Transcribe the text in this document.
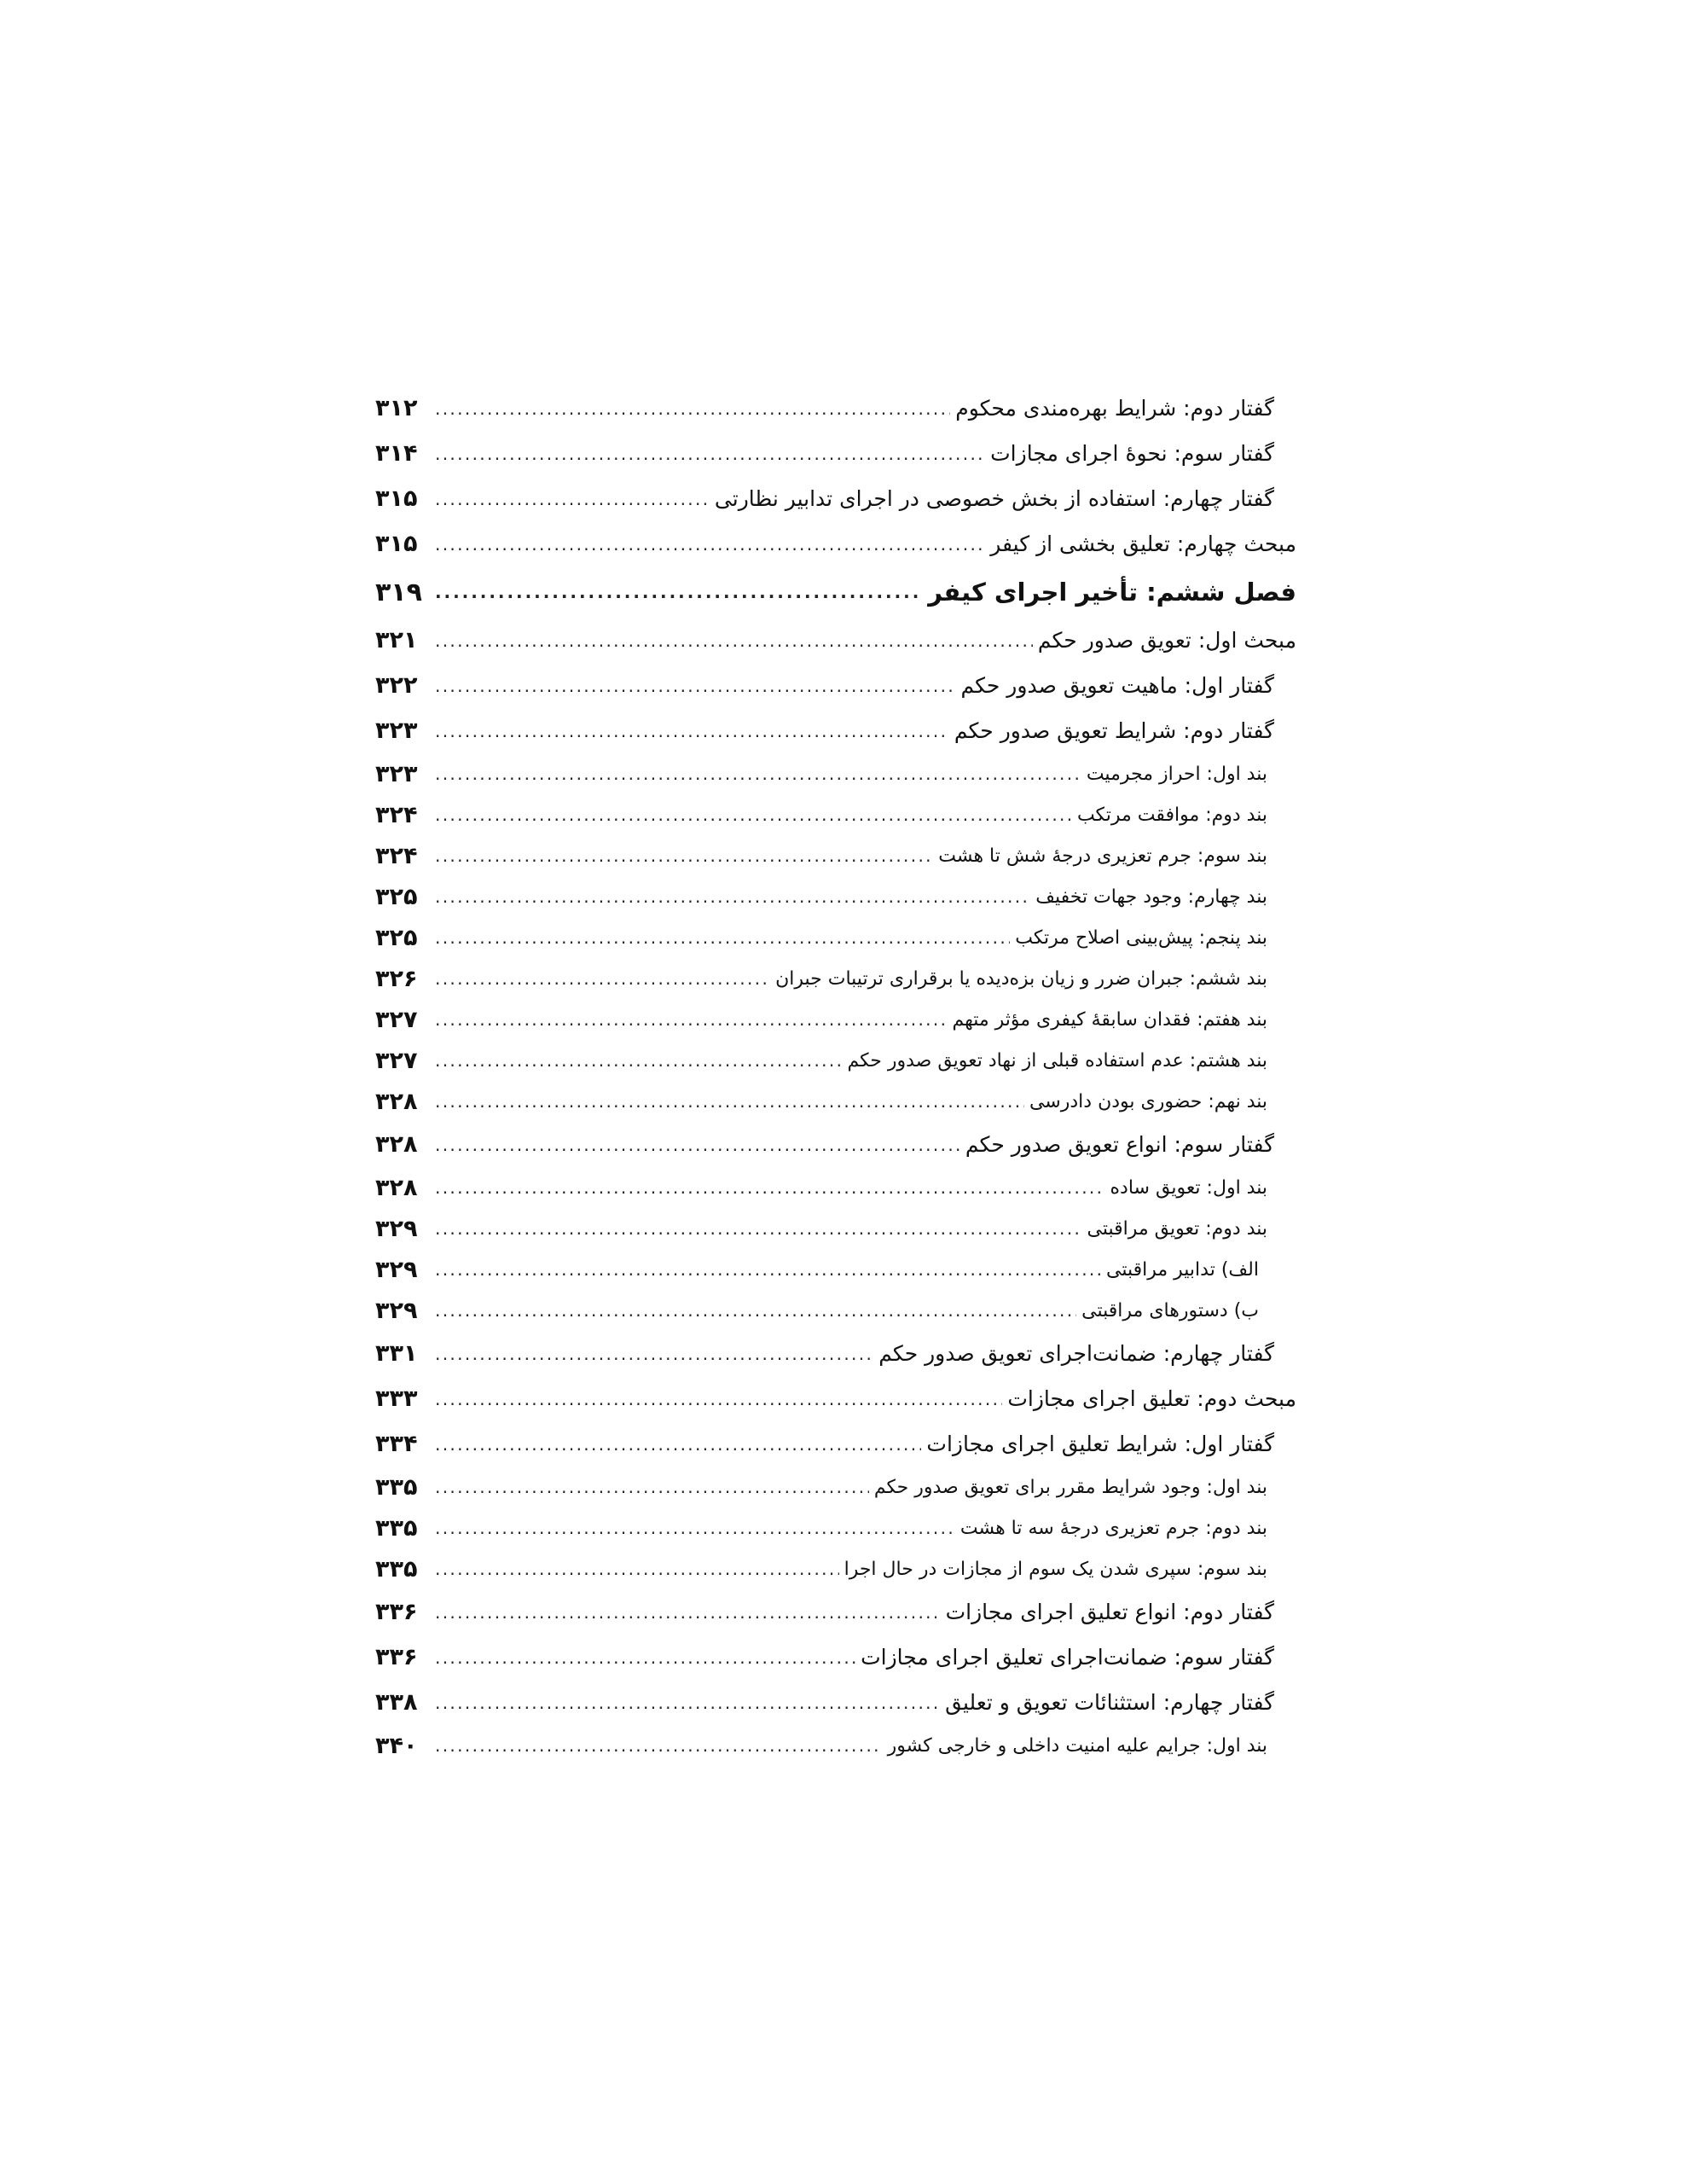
گفتار دوم: شرایط بهره‌مندی محکوم
. . .
۳۱۲
گفتار سوم: نحوهٔ اجرای مجازات
. . .
۳۱۴
گفتار چهارم: استفاده از بخش خصوصی در اجرای تدابیر نظارتی
. . .
۳۱۵
مبحث چهارم: تعلیق بخشی از کیفر
. . .
۳۱۵
فصل ششم: تأخیر اجرای کیفر
. . .
۳۱۹
مبحث اول: تعویق صدور حکم
. . .
۳۲۱
گفتار اول: ماهیت تعویق صدور حکم
. . .
۳۲۲
گفتار دوم: شرایط تعویق صدور حکم
. . .
۳۲۳
بند اول: احراز مجرمیت
. . .
۳۲۳
بند دوم: موافقت مرتکب
. . .
۳۲۴
بند سوم: جرم تعزیری درجهٔ شش تا هشت
. . .
۳۲۴
بند چهارم: وجود جهات تخفیف
. . .
۳۲۵
بند پنجم: پیش‌بینی اصلاح مرتکب
. . .
۳۲۵
بند ششم: جبران ضرر و زیان بزه‌دیده یا برقراری ترتیبات جبران
. . .
۳۲۶
بند هفتم: فقدان سابقهٔ کیفری مؤثر متهم
. . .
۳۲۷
بند هشتم: عدم استفاده قبلی از نهاد تعویق صدور حکم
. . .
۳۲۷
بند نهم: حضوری بودن دادرسی
. . .
۳۲۸
گفتار سوم: انواع تعویق صدور حکم
. . .
۳۲۸
بند اول: تعویق ساده
. . .
۳۲۸
بند دوم: تعویق مراقبتی
. . .
۳۲۹
الف) تدابیر مراقبتی
. . .
۳۲۹
ب) دستورهای مراقبتی
. . .
۳۲۹
گفتار چهارم: ضمانت‌اجرای تعویق صدور حکم
. . .
۳۳۱
مبحث دوم: تعلیق اجرای مجازات
. . .
۳۳۳
گفتار اول: شرایط تعلیق اجرای مجازات
. . .
۳۳۴
بند اول: وجود شرایط مقرر برای تعویق صدور حکم
. . .
۳۳۵
بند دوم: جرم تعزیری درجهٔ سه تا هشت
. . .
۳۳۵
بند سوم: سپری شدن یک سوم از مجازات در حال اجرا
. . .
۳۳۵
گفتار دوم: انواع تعلیق اجرای مجازات
. . .
۳۳۶
گفتار سوم: ضمانت‌اجرای تعلیق اجرای مجازات
. . .
۳۳۶
گفتار چهارم: استثنائات تعویق و تعلیق
. . .
۳۳۸
بند اول: جرایم علیه امنیت داخلی و خارجی کشور
. . .
۳۴۰
